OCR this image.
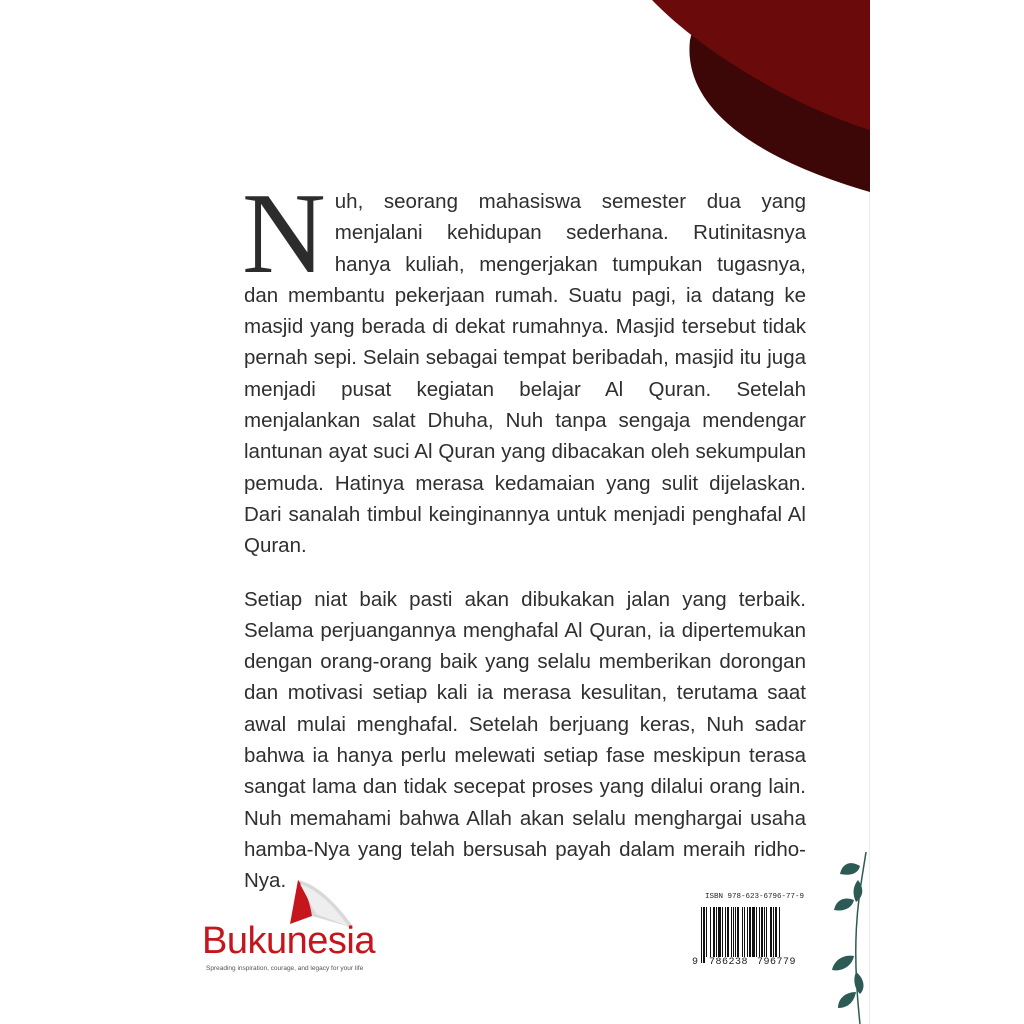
Nuh, seorang mahasiswa semester dua yang menjalani kehidupan sederhana. Rutinitasnya hanya kuliah, mengerjakan tumpukan tugasnya, dan membantu pekerjaan rumah. Suatu pagi, ia datang ke masjid yang berada di dekat rumahnya. Masjid tersebut tidak pernah sepi. Selain sebagai tempat beribadah, masjid itu juga menjadi pusat kegiatan belajar Al Quran. Setelah menjalankan salat Dhuha, Nuh tanpa sengaja mendengar lantunan ayat suci Al Quran yang dibacakan oleh sekumpulan pemuda. Hatinya merasa kedamaian yang sulit dijelaskan. Dari sanalah timbul keinginannya untuk menjadi penghafal Al Quran.

Setiap niat baik pasti akan dibukakan jalan yang terbaik. Selama perjuangannya menghafal Al Quran, ia dipertemukan dengan orang-orang baik yang selalu memberikan dorongan dan motivasi setiap kali ia merasa kesulitan, terutama saat awal mulai menghafal. Setelah berjuang keras, Nuh sadar bahwa ia hanya perlu melewati setiap fase meskipun terasa sangat lama dan tidak secepat proses yang dilalui orang lain. Nuh memahami bahwa Allah akan selalu menghargai usaha hamba-Nya yang telah bersusah payah dalam meraih ridho-Nya.

Bukunesia
Spreading inspiration, courage, and legacy for your life
ISBN 978-623-6796-77-9
9 786238 796779
